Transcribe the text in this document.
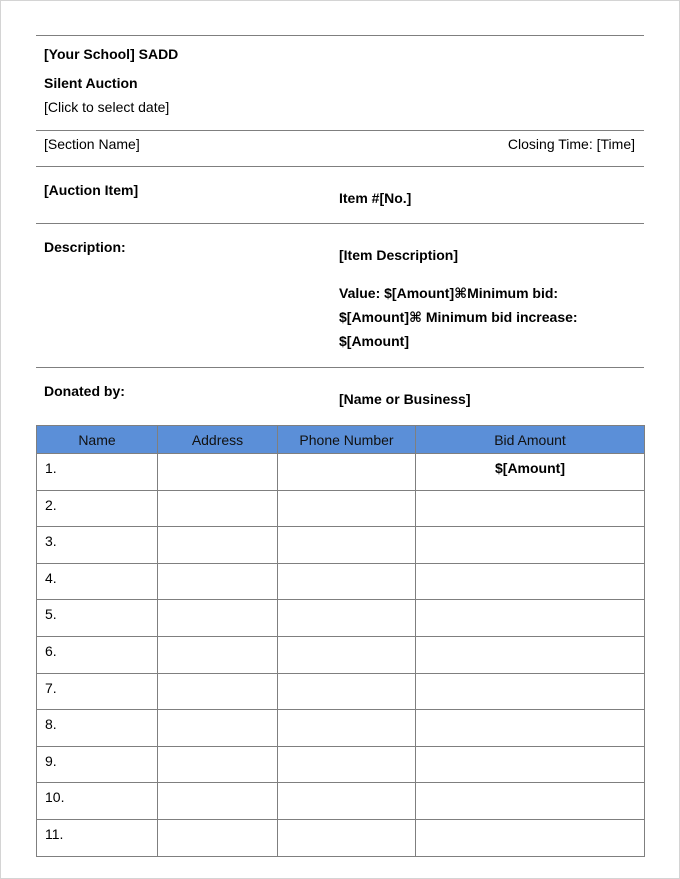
[Your School] SADD
Silent Auction
[Click to select date]
[Section Name]	Closing Time: [Time]
[Auction Item]	Item #[No.]
Description:	[Item Description]
Value: $[Amount]⌘Minimum bid:
$[Amount]⌘ Minimum bid increase:
$[Amount]
Donated by:	[Name or Business]
Name	Address	Phone Number	Bid Amount

1.			$[Amount]

2.			

3.			

4.			

5.			

6.			

7.			

8.			

9.			

10.			

11.			
